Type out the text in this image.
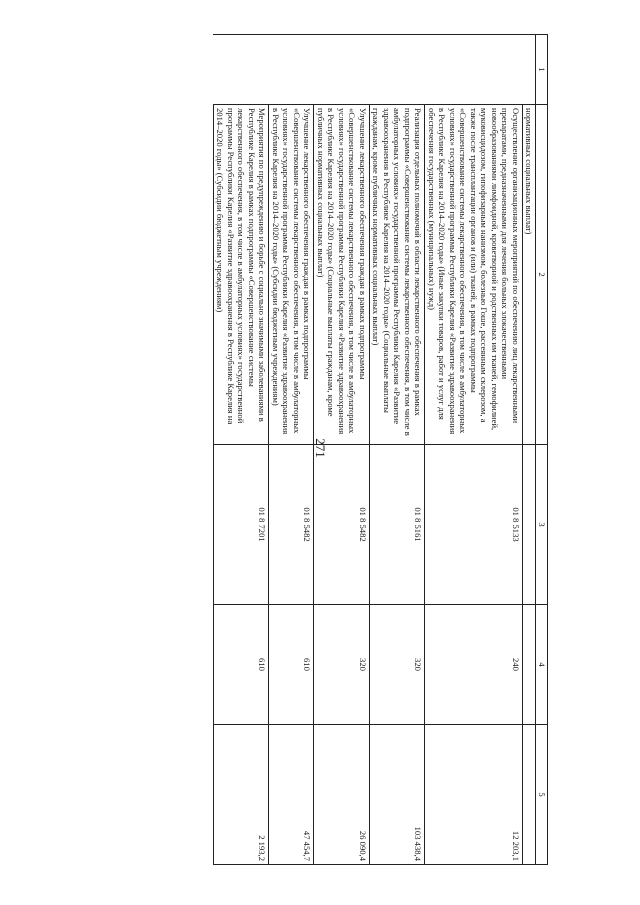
271
1	2	3	4	5
	нормативных социальных выплат)			
	Осуществление организационных мероприятий по обеспечению лиц лекарственными препаратами, предназначенными для лечения больных злокачественными новообразованиями лимфоидной, кроветворной и родственных им тканей, гемофилией, муковисцидозом, гипофизарным нанизмом, болезнью Гоше, рассеянным склерозом, а также после трансплантации органов и (или) тканей, в рамках подпрограммы «Совершенствование системы лекарственного обеспечения, в том числе в амбулаторных условиях» государственной программы Республики Карелия «Развитие здравоохранения в Республике Карелия на 2014–2020 годы» (Иные закупки товаров, работ и услуг для обеспечения государственных (муниципальных) нужд)	01 8 5133	240	12 203,1
	Реализация отдельных полномочий в области лекарственного обеспечения в рамках подпрограммы «Совершенствование системы лекарственного обеспечения, в том числе в амбулаторных условиях» государственной программы Республики Карелия «Развитие здравоохранения в Республике Карелия на 2014–2020 годы» (Социальные выплаты гражданам, кроме публичных нормативных социальных выплат)	01 8 5161	320	103 438,4
	Улучшение лекарственного обеспечения граждан в рамках подпрограммы «Совершенствование системы лекарственного обеспечения, в том числе в амбулаторных условиях» государственной программы Республики Карелия «Развитие здравоохранения в Республике Карелия на 2014–2020 годы» (Социальные выплаты гражданам, кроме публичных нормативных социальных выплат)	01 8 5482	320	26 090,4
	Улучшение лекарственного обеспечения граждан в рамках подпрограммы «Совершенствование системы лекарственного обеспечения, в том числе в амбулаторных условиях» государственной программы Республики Карелия «Развитие здравоохранения в Республике Карелия на 2014–2020 годы» (Субсидии бюджетным учреждениям)	01 8 5482	610	47 454,7
	Мероприятия по предупреждению и борьбе с социально значимыми заболеваниями в Республике Карелия в рамках подпрограммы «Совершенствование системы лекарственного обеспечения, в том числе в амбулаторных условиях» государственной программы Республики Карелия «Развитие здравоохранения в Республике Карелия на 2014–2020 годы» (Субсидии бюджетным учреждениям)	01 8 7201	610	2 193,2
